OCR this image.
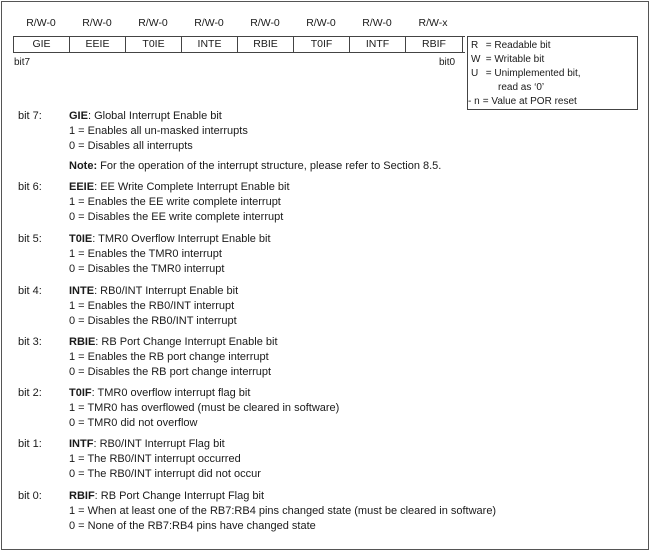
R/W-0	R/W-0	R/W-0	R/W-0	R/W-0	R/W-0	R/W-0	R/W-x
GIE	EEIE	T0IE	INTE	RBIE	T0IF	INTF	RBIF
bit7	bit0
R = Readable bit
W = Writable bit
U = Unimplemented bit,
read as ‘0’
- n = Value at POR reset
bit 7: GIE: Global Interrupt Enable bit
1 = Enables all un-masked interrupts
0 = Disables all interrupts
Note: For the operation of the interrupt structure, please refer to Section 8.5.
bit 6: EEIE: EE Write Complete Interrupt Enable bit
1 = Enables the EE write complete interrupt
0 = Disables the EE write complete interrupt
bit 5: T0IE: TMR0 Overflow Interrupt Enable bit
1 = Enables the TMR0 interrupt
0 = Disables the TMR0 interrupt
bit 4: INTE: RB0/INT Interrupt Enable bit
1 = Enables the RB0/INT interrupt
0 = Disables the RB0/INT interrupt
bit 3: RBIE: RB Port Change Interrupt Enable bit
1 = Enables the RB port change interrupt
0 = Disables the RB port change interrupt
bit 2: T0IF: TMR0 overflow interrupt flag bit
1 = TMR0 has overflowed (must be cleared in software)
0 = TMR0 did not overflow
bit 1: INTF: RB0/INT Interrupt Flag bit
1 = The RB0/INT interrupt occurred
0 = The RB0/INT interrupt did not occur
bit 0: RBIF: RB Port Change Interrupt Flag bit
1 = When at least one of the RB7:RB4 pins changed state (must be cleared in software)
0 = None of the RB7:RB4 pins have changed state
